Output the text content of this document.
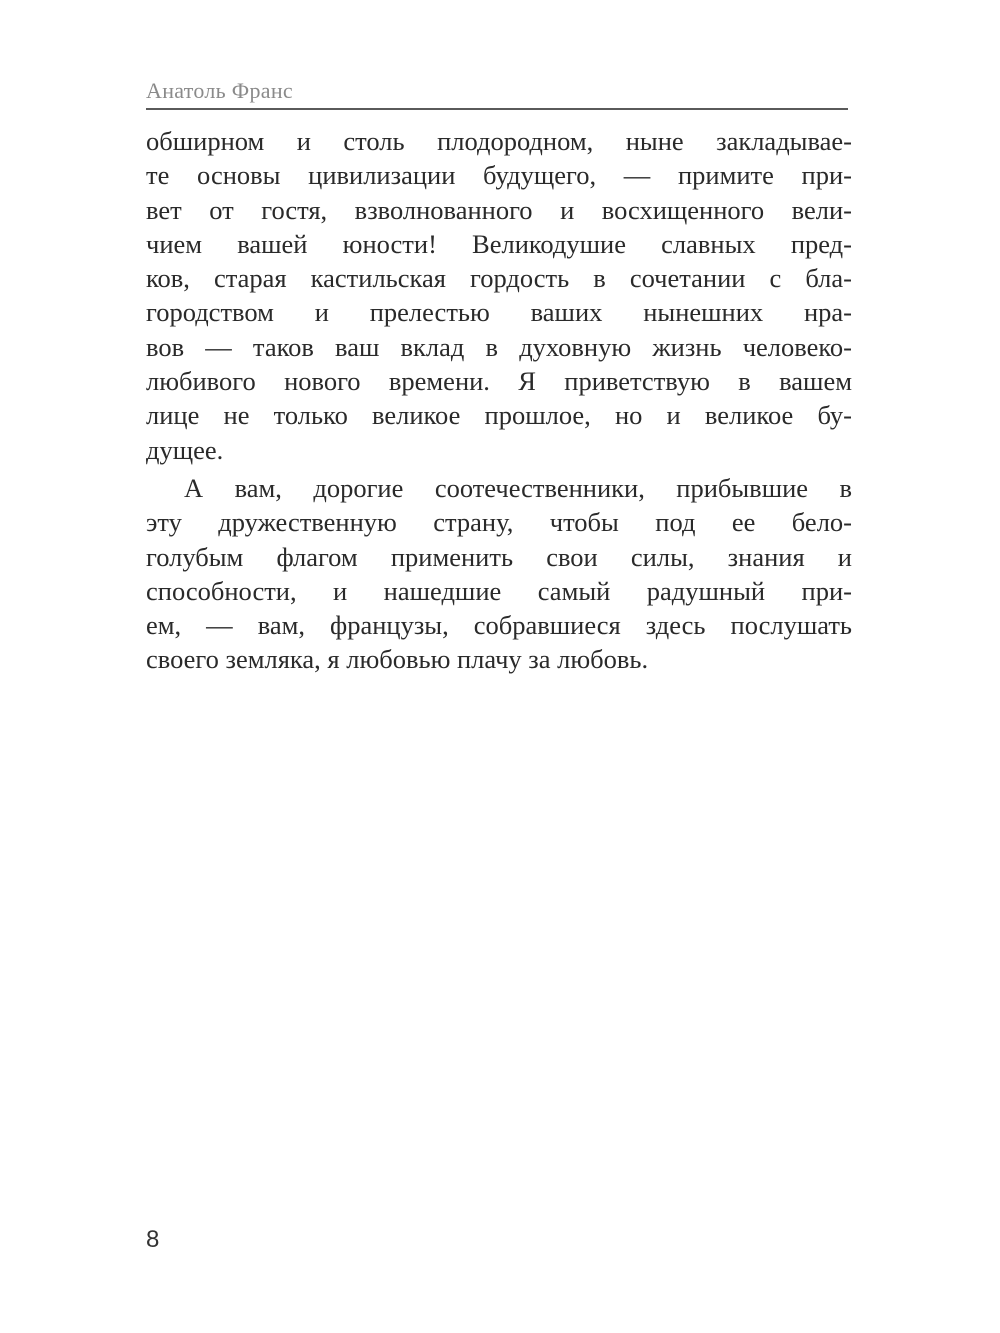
Анатоль Франс
обширном и столь плодородном, ныне закладывае-
те основы цивилизации будущего, — примите при-
вет от гостя, взволнованного и восхищенного вели-
чием вашей юности! Великодушие славных пред-
ков, старая кастильская гордость в сочетании с бла-
городством и прелестью ваших нынешних нра-
вов — таков ваш вклад в духовную жизнь человеко-
любивого нового времени. Я приветствую в вашем
лице не только великое прошлое, но и великое бу-
дущее.
А вам, дорогие соотечественники, прибывшие в
эту дружественную страну, чтобы под ее бело-
голубым флагом применить свои силы, знания и
способности, и нашедшие самый радушный при-
ем, — вам, французы, собравшиеся здесь послушать
своего земляка, я любовью плачу за любовь.
8
